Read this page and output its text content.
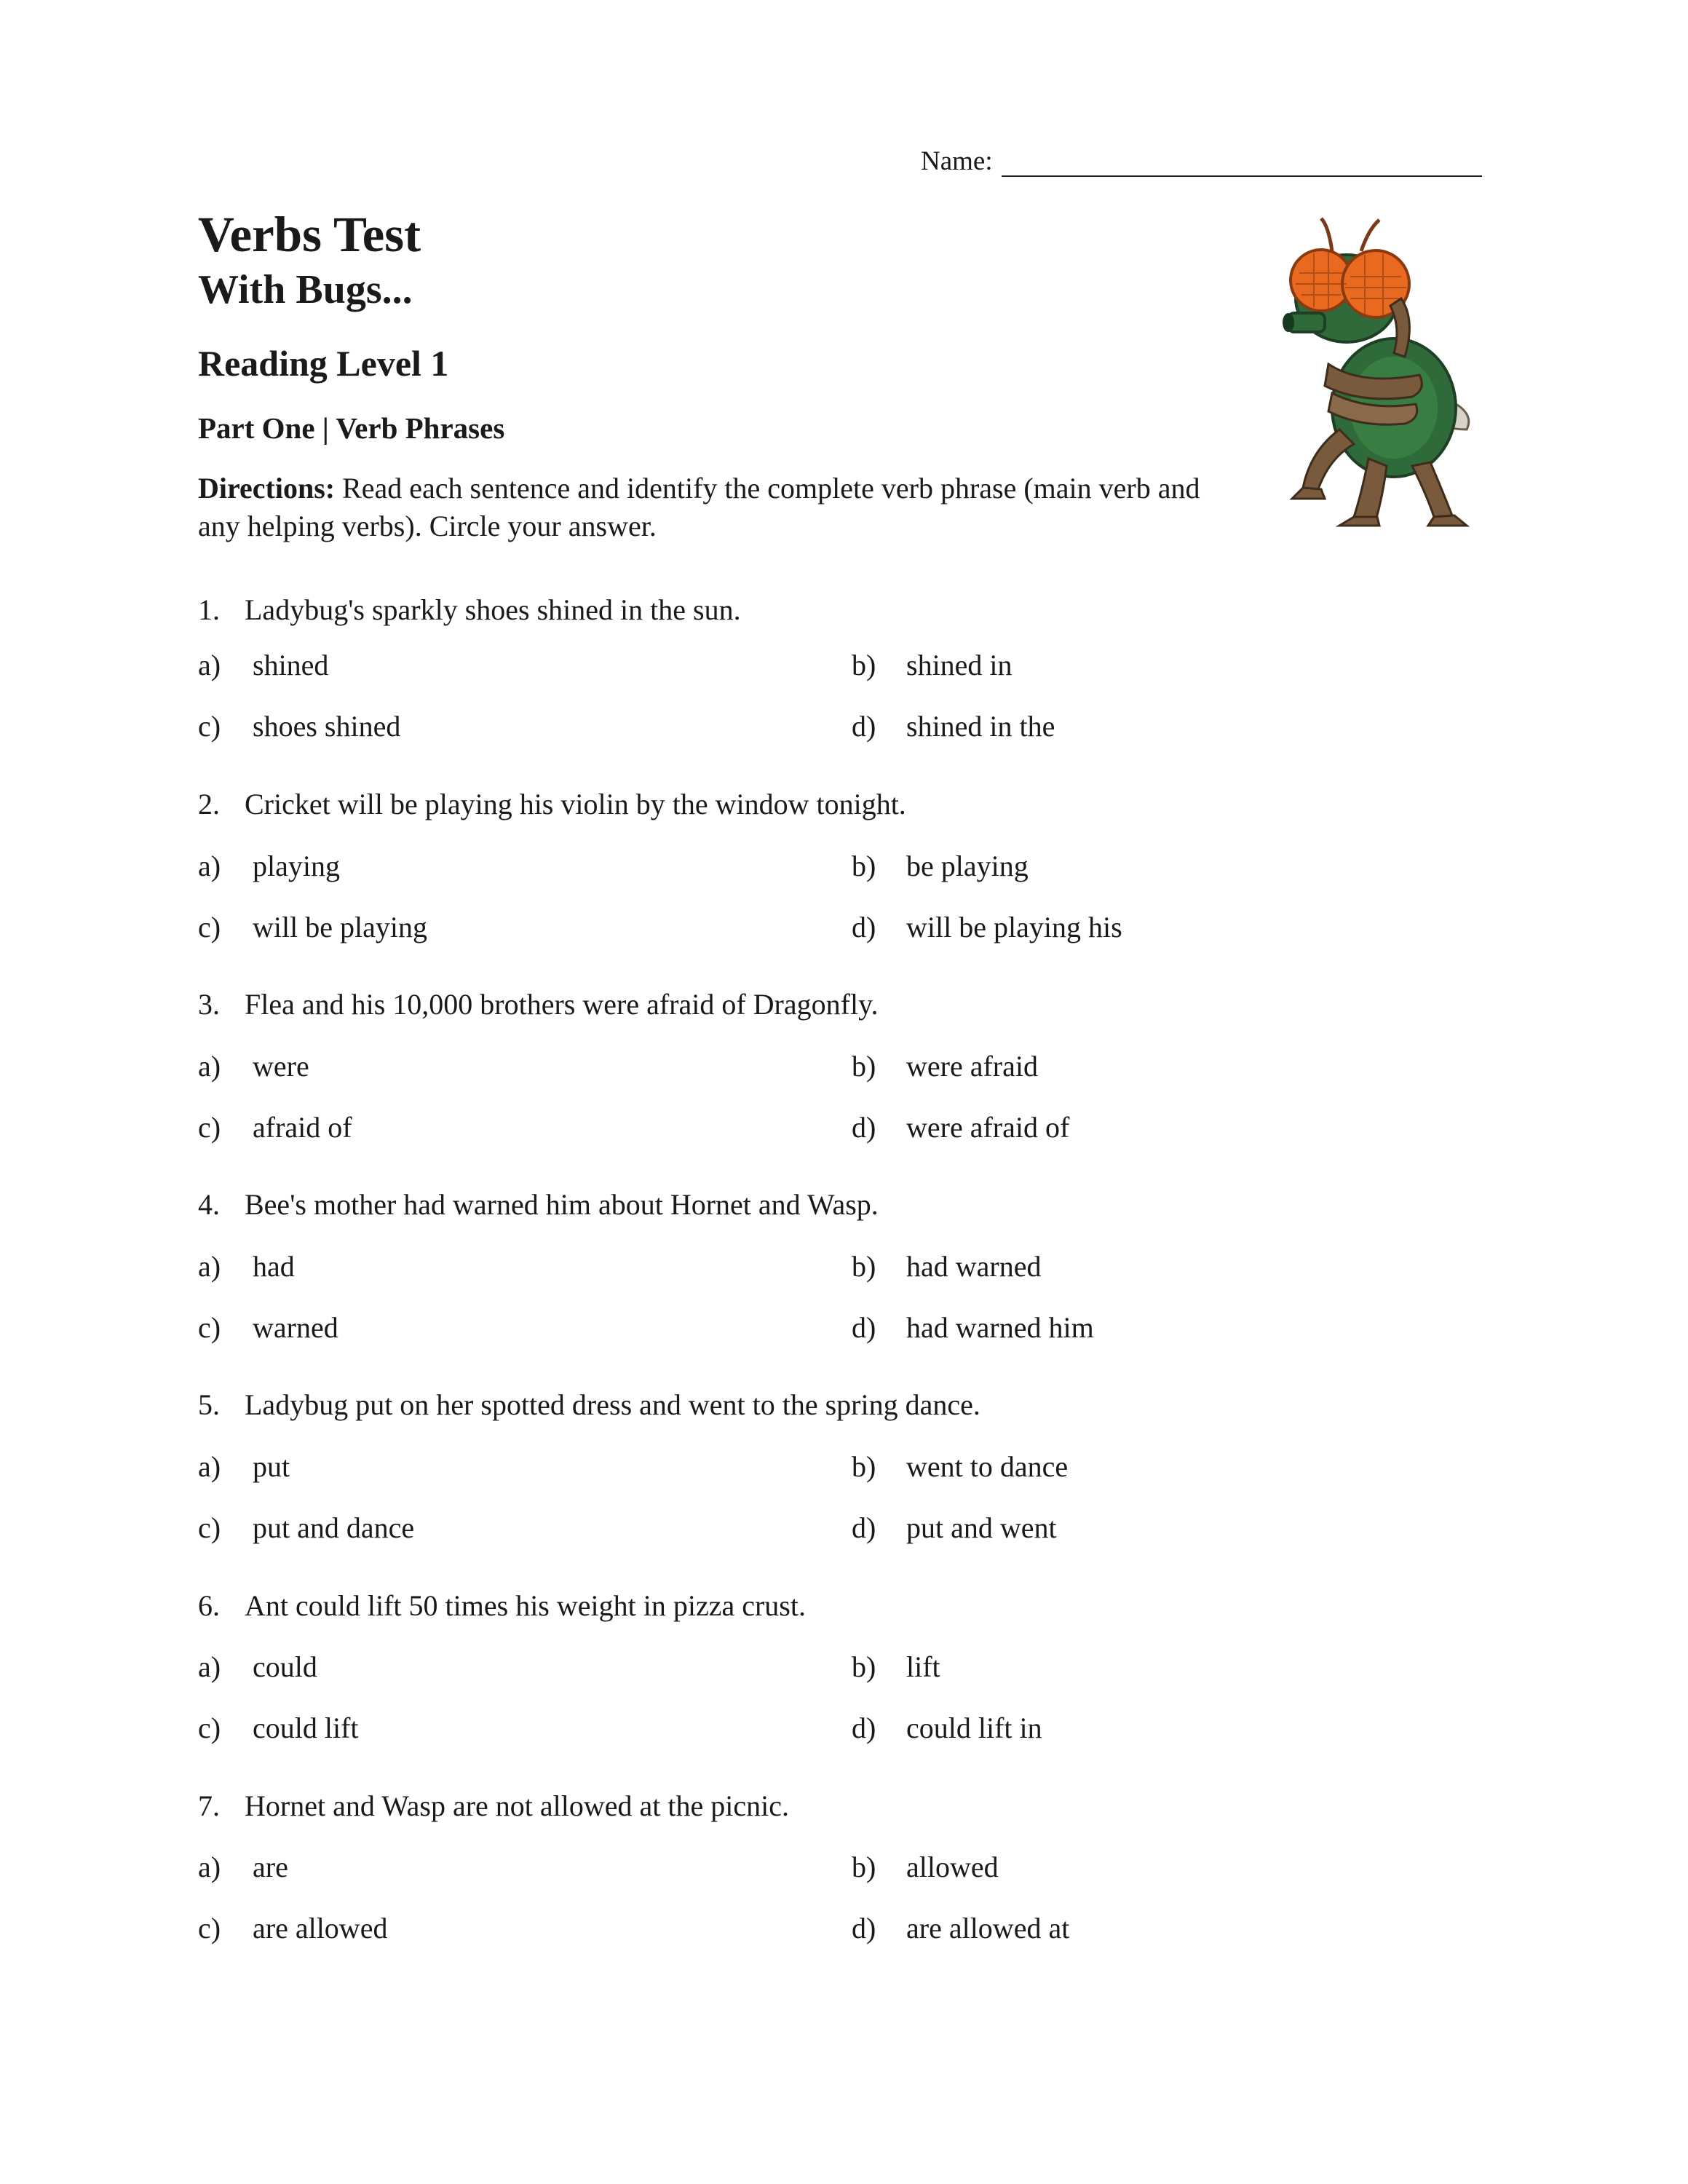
Name:
Verbs Test
With Bugs...
Reading Level 1
Part One | Verb Phrases
Directions: Read each sentence and identify the complete verb phrase (main verb and any helping verbs). Circle your answer.
1. Ladybug's sparkly shoes shined in the sun.
a) shined	b) shined in
c) shoes shined	d) shined in the
2. Cricket will be playing his violin by the window tonight.
a) playing	b) be playing
c) will be playing	d) will be playing his
3. Flea and his 10,000 brothers were afraid of Dragonfly.
a) were	b) were afraid
c) afraid of	d) were afraid of
4. Bee's mother had warned him about Hornet and Wasp.
a) had	b) had warned
c) warned	d) had warned him
5. Ladybug put on her spotted dress and went to the spring dance.
a) put	b) went to dance
c) put and dance	d) put and went
6. Ant could lift 50 times his weight in pizza crust.
a) could	b) lift
c) could lift	d) could lift in
7. Hornet and Wasp are not allowed at the picnic.
a) are	b) allowed
c) are allowed	d) are allowed at
